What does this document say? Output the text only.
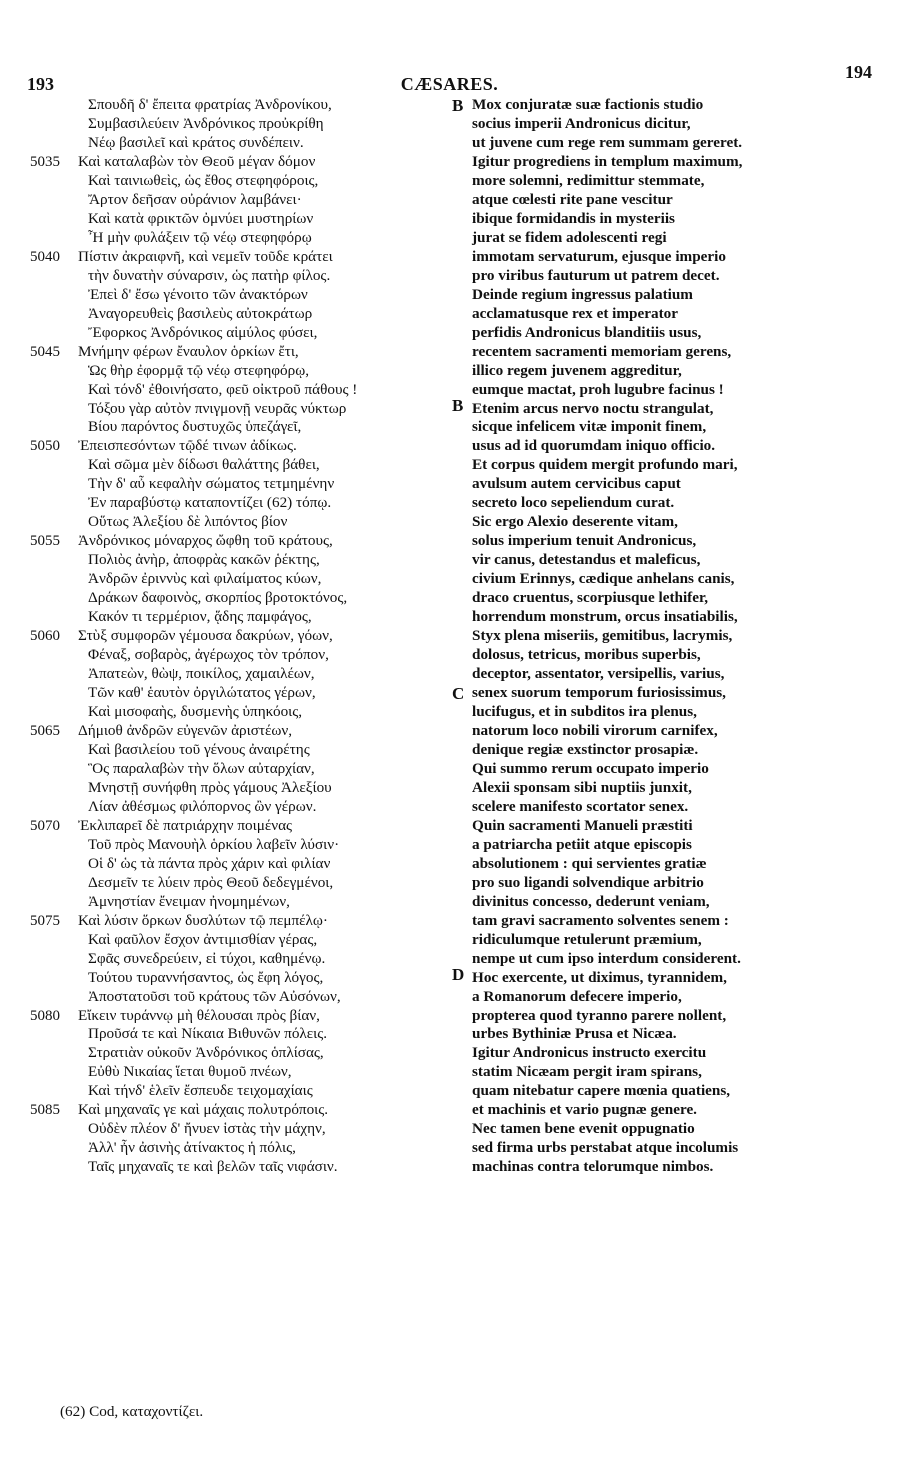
193	CÆSARES.
194
Σπουδῆ δ' ἔπειτα φρατρίας Ἀνδρονίκου,
Συμβασιλεύειν Ἀνδρόνικος προὐκρίθη
Νέῳ βασιλεῖ καὶ κράτος συνδέπειν.
5035	Καὶ καταλαβὼν τὸν Θεοῦ μέγαν δόμον
Καὶ ταινιωθεὶς, ὡς ἔθος στεφηφόροις,
Ἄρτον δεῆσαν οὐράνιον λαμβάνει·
Καὶ κατὰ φρικτῶν ὀμνύει μυστηρίων
Ἦ μὴν φυλάξειν τῷ νέῳ στεφηφόρῳ
5040	Πίστιν ἀκραιφνῆ, καὶ νεμεῖν τοῦδε κράτει
τὴν δυνατὴν σύναρσιν, ὡς πατὴρ φίλος.
Ἐπεὶ δ' ἔσω γένοιτο τῶν ἀνακτόρων
Ἀναγορευθεὶς βασιλεὺς αὐτοκράτωρ
Ἔφορκος Ἀνδρόνικος αἱμύλος φύσει,
5045	Μνήμην φέρων ἔναυλον ὁρκίων ἔτι,
Ὡς θὴρ ἐφορμᾷ τῷ νέῳ στεφηφόρῳ,
Καὶ τόνδ' ἐθοινήσατο, φεῦ οἰκτροῦ πάθους !
Τόξου γὰρ αὐτὸν πνιγμονῇ νευρᾶς νύκτωρ
Βίου παρόντος δυστυχῶς ὑπεζάγεῖ,
5050	Ἐπεισπεσόντων τῷδέ τινων ἀδίκως.
Καὶ σῶμα μὲν δίδωσι θαλάττης βάθει,
Τὴν δ' αὖ κεφαλὴν σώματος τετμημένην
Ἐν παραβύστῳ καταποντίζει (62) τόπῳ.
Οὕτως Ἀλεξίου δὲ λιπόντος βίον
5055	Ἀνδρόνικος μόναρχος ὤφθη τοῦ κράτους,
Πολιὸς ἀνὴρ, ἀποφρὰς κακῶν ῥέκτης,
Ἀνδρῶν ἐριννὺς καὶ φιλαίματος κύων,
Δράκων δαφοινὸς, σκορπίος βροτοκτόνος,
Κακόν τι τερμέριον, ᾅδης παμφάγος,
5060	Στὺξ συμφορῶν γέμουσα δακρύων, γόων,
Φέναξ, σοβαρὸς, ἀγέρωχος τὸν τρόπον,
Ἀπατεὼν, θὼψ, ποικίλος, χαμαιλέων,
Τῶν καθ' ἑαυτὸν ὀργιλώτατος γέρων,
Καὶ μισοφαὴς, δυσμενὴς ὑπηκόοις,
5065	Δήμιοθ ἀνδρῶν εὐγενῶν ἀριστέων,
Καὶ βασιλείου τοῦ γένους ἀναιρέτης
Ὃς παραλαβὼν τὴν ὅλων αὐταρχίαν,
Μνηστῇ συνήφθη πρὸς γάμους Ἀλεξίου
Λίαν ἀθέσμως φιλόπορνος ὢν γέρων.
5070	Ἐκλιπαρεῖ δὲ πατριάρχην ποιμένας
Τοῦ πρὸς Μανουὴλ ὁρκίου λαβεῖν λύσιν·
Οἱ δ' ὡς τὰ πάντα πρὸς χάριν καὶ φιλίαν
Δεσμεῖν τε λύειν πρὸς Θεοῦ δεδεγμένοι,
Ἀμνηστίαν ἔνειμαν ἠνομημένων,
5075	Καὶ λύσιν ὅρκων δυσλύτων τῷ πεμπέλῳ·
Καὶ φαῦλον ἔσχον ἀντιμισθίαν γέρας,
Σφᾶς συνεδρεύειν, εἰ τύχοι, καθημένῳ.
Τούτου τυραννήσαντος, ὡς ἔφη λόγος,
Ἀποστατοῦσι τοῦ κράτους τῶν Αὐσόνων,
5080	Εἴκειν τυράννῳ μὴ θέλουσαι πρὸς βίαν,
Προῦσά τε καὶ Νίκαια Βιθυνῶν πόλεις.
Στρατιὰν οὐκοῦν Ἀνδρόνικος ὁπλίσας,
Εὐθὺ Νικαίας ἵεται θυμοῦ πνέων,
Καὶ τήνδ' ἑλεῖν ἔσπευδε τειχομαχίαις
5085	Καὶ μηχαναῖς γε καὶ μάχαις πολυτρόποις.
Οὐδὲν πλέον δ' ἤνυεν ἱστὰς τὴν μάχην,
Ἀλλ' ἦν ἀσινὴς ἀτίνακτος ἡ πόλις,
Ταῖς μηχαναῖς τε καὶ βελῶν ταῖς νιφάσιν.
B Mox conjuratæ suæ factionis studio
socius imperii Andronicus dicitur,
ut juvene cum rege rem summam gereret.
Igitur progrediens in templum maximum,
more solemni, redimittur stemmate,
atque cœlesti rite pane vescitur
ibique formidandis in mysteriis
jurat se fidem adolescenti regi
immotam servaturum, ejusque imperio
pro viribus fauturum ut patrem decet.
Deinde regium ingressus palatium
acclamatusque rex et imperator
perfidis Andronicus blanditiis usus,
recentem sacramenti memoriam gerens,
illico regem juvenem aggreditur,
eumque mactat, proh lugubre facinus !
B Etenim arcus nervo noctu strangulat,
sicque infelicem vitæ imponit finem,
usus ad id quorumdam iniquo officio.
Et corpus quidem mergit profundo mari,
avulsum autem cervicibus caput
secreto loco sepeliendum curat.
Sic ergo Alexio deserente vitam,
solus imperium tenuit Andronicus,
vir canus, detestandus et maleficus,
civium Erinnys, cædique anhelans canis,
draco cruentus, scorpiusque lethifer,
horrendum monstrum, orcus insatiabilis,
Styx plena miseriis, gemitibus, lacrymis,
dolosus, tetricus, moribus superbis,
deceptor, assentator, versipellis, varius,
C senex suorum temporum furiosissimus,
lucifugus, et in subditos ira plenus,
natorum loco nobili virorum carnifex,
denique regiæ exstinctor prosapiæ.
Qui summo rerum occupato imperio
Alexii sponsam sibi nuptiis junxit,
scelere manifesto scortator senex.
Quin sacramenti Manueli præstiti
a patriarcha petiit atque episcopis
absolutionem : qui servientes gratiæ
pro suo ligandi solvendique arbitrio
divinitus concesso, dederunt veniam,
tam gravi sacramento solventes senem :
ridiculumque retulerunt præmium,
nempe ut cum ipso interdum considerent.
D Hoc exercente, ut diximus, tyrannidem,
a Romanorum defecere imperio,
propterea quod tyranno parere nollent,
urbes Bythiniæ Prusa et Nicæa.
Igitur Andronicus instructo exercitu
statim Nicæam pergit iram spirans,
quam nitebatur capere mœnia quatiens,
et machinis et vario pugnæ genere.
Nec tamen bene evenit oppugnatio
sed firma urbs perstabat atque incolumis
machinas contra telorumque nimbos.
(62) Cod, καταχοντίζει.
